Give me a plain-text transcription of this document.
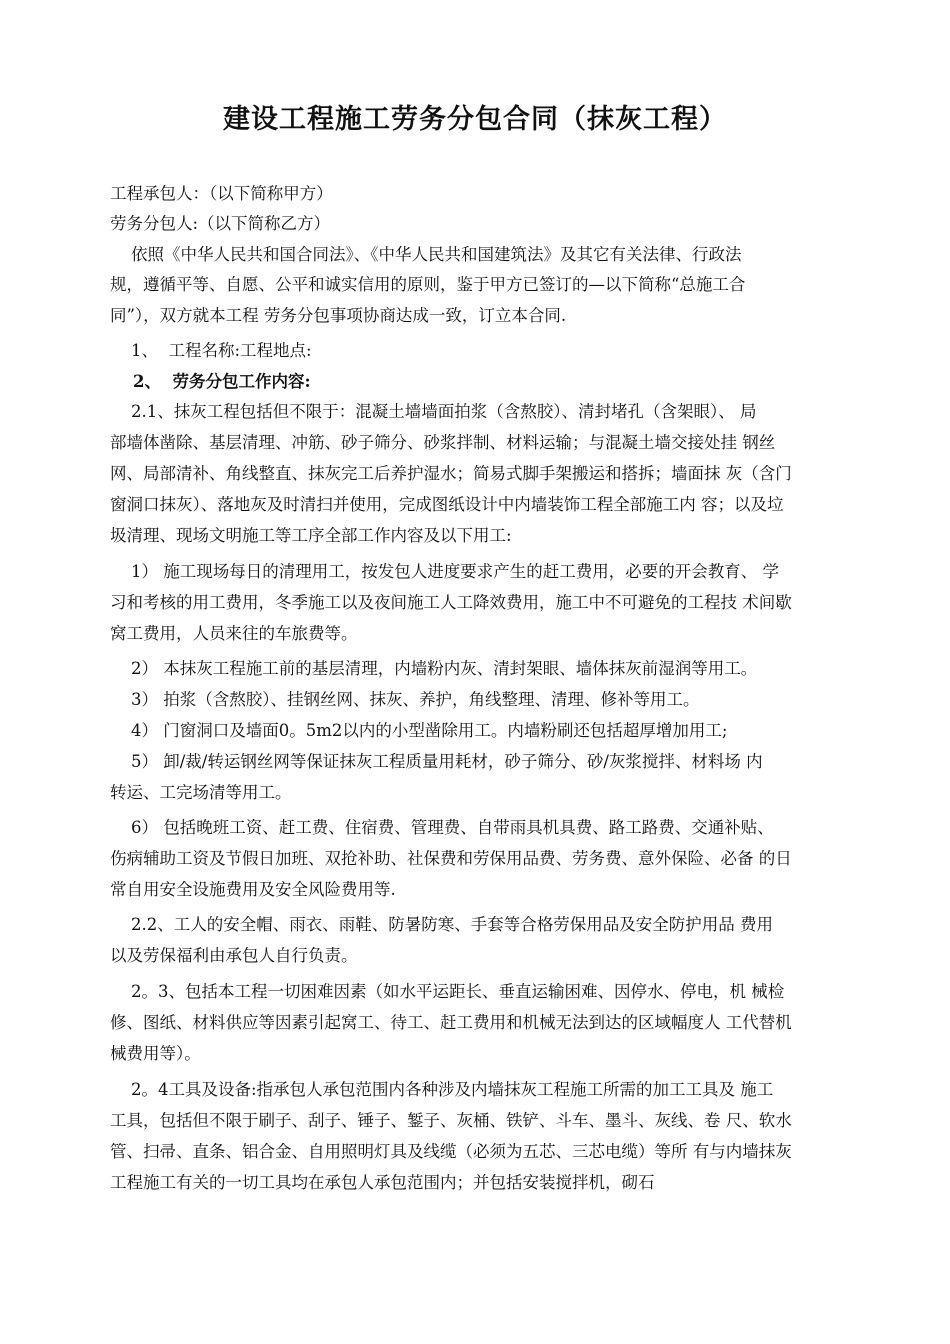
建设工程施工劳务分包合同（抹灰工程）
工程承包人：（以下简称甲方）
劳务分包人:（以下简称乙方）
依照《中华人民共和国合同法》、《中华人民共和国建筑法》及其它有关法律、行政法
规，遵循平等、自愿、公平和诚实信用的原则，鉴于甲方已签订的—以下简称“总施工合
同”），双方就本工程 劳务分包事项协商达成一致，订立本合同.
1、  工程名称:工程地点:
2、  劳务分包工作内容:
2.1、抹灰工程包括但不限于：混凝土墙墙面拍浆（含熬胶）、清封堵孔（含架眼）、 局
部墙体凿除、基层清理、冲筋、砂子筛分、砂浆拌制、材料运输；与混凝土墙交接处挂 钢丝
网、局部清补、角线整直、抹灰完工后养护湿水；简易式脚手架搬运和搭拆；墙面抹 灰（含门
窗洞口抹灰）、落地灰及时清扫并使用，完成图纸设计中内墙装饰工程全部施工内 容；以及垃
圾清理、现场文明施工等工序全部工作内容及以下用工:
1） 施工现场每日的清理用工，按发包人进度要求产生的赶工费用，必要的开会教育、 学
习和考核的用工费用，冬季施工以及夜间施工人工降效费用，施工中不可避免的工程技 术间歇
窝工费用，人员来往的车旅费等。
2） 本抹灰工程施工前的基层清理，内墙粉内灰、清封架眼、墙体抹灰前湿润等用工。
3） 拍浆（含熬胶）、挂钢丝网、抹灰、养护，角线整理、清理、修补等用工。
4） 门窗洞口及墙面0。5m2以内的小型凿除用工。内墙粉刷还包括超厚增加用工;
5） 卸/裁/转运钢丝网等保证抹灰工程质量用耗材，砂子筛分、砂/灰浆搅拌、材料场 内
转运、工完场清等用工。
6） 包括晚班工资、赶工费、住宿费、管理费、自带雨具机具费、路工路费、交通补贴、
伤病辅助工资及节假日加班、双抢补助、社保费和劳保用品费、劳务费、意外保险、必备 的日
常自用安全设施费用及安全风险费用等.
2.2、工人的安全帽、雨衣、雨鞋、防暑防寒、手套等合格劳保用品及安全防护用品 费用
以及劳保福利由承包人自行负责。
2。3、包括本工程一切困难因素（如水平运距长、垂直运输困难、因停水、停电，机 械检
修、图纸、材料供应等因素引起窝工、待工、赶工费用和机械无法到达的区域幅度人 工代替机
械费用等）。
2。4工具及设备:指承包人承包范围内各种涉及内墙抹灰工程施工所需的加工工具及 施工
工具，包括但不限于刷子、刮子、锤子、錾子、灰桶、铁铲、斗车、墨斗、灰线、卷 尺、软水
管、扫帚、直条、铝合金、自用照明灯具及线缆（必须为五芯、三芯电缆）等所 有与内墙抹灰
工程施工有关的一切工具均在承包人承包范围内；并包括安装搅拌机，砌石
